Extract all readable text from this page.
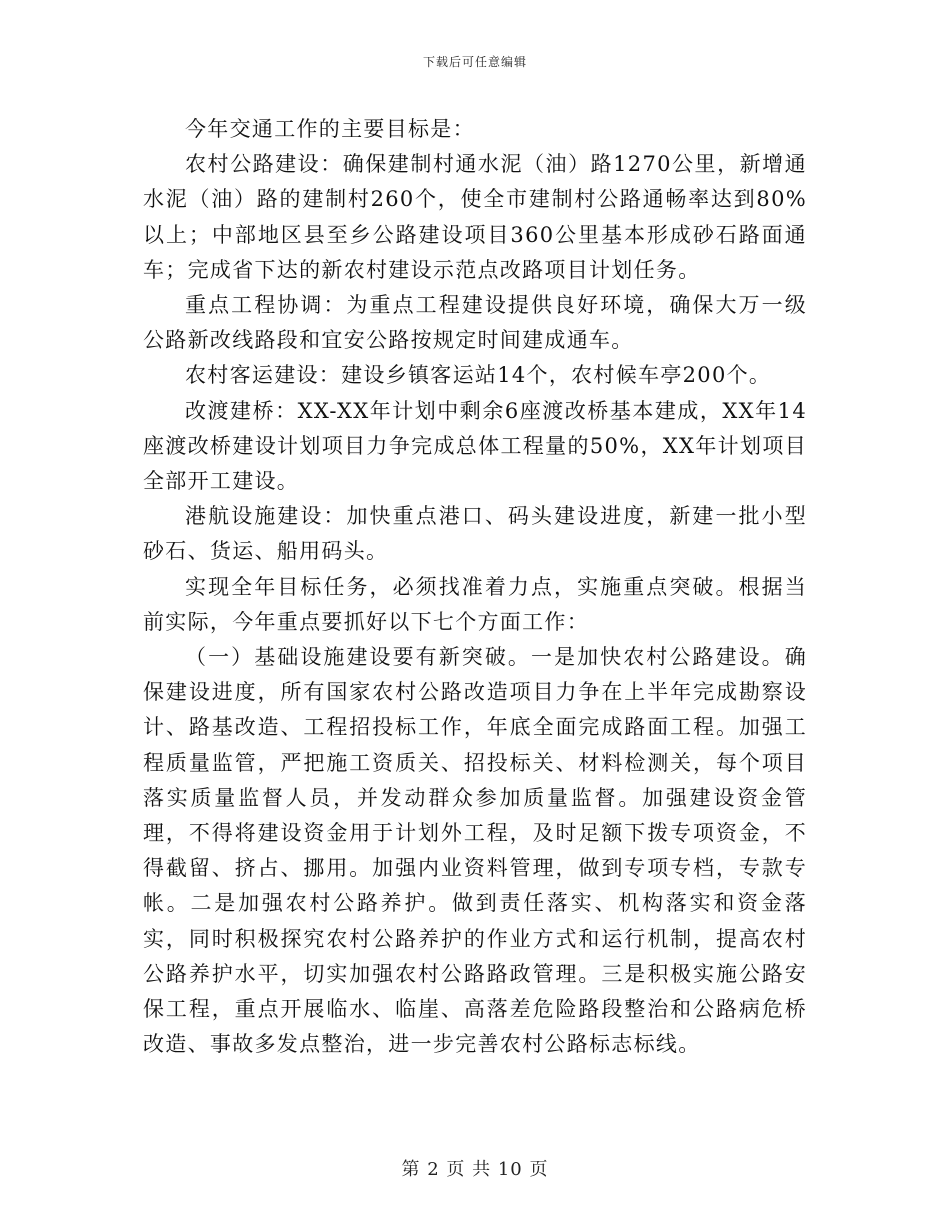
下载后可任意编辑

今年交通工作的主要目标是：

农村公路建设：确保建制村通水泥（油）路1270公里，新增通水泥（油）路的建制村260个，使全市建制村公路通畅率达到80%以上；中部地区县至乡公路建设项目360公里基本形成砂石路面通车；完成省下达的新农村建设示范点改路项目计划任务。

重点工程协调：为重点工程建设提供良好环境，确保大万一级公路新改线路段和宜安公路按规定时间建成通车。

农村客运建设：建设乡镇客运站14个，农村候车亭200个。

改渡建桥：XX-XX年计划中剩余6座渡改桥基本建成，XX年14座渡改桥建设计划项目力争完成总体工程量的50%，XX年计划项目全部开工建设。

港航设施建设：加快重点港口、码头建设进度，新建一批小型砂石、货运、船用码头。

实现全年目标任务，必须找准着力点，实施重点突破。根据当前实际，今年重点要抓好以下七个方面工作：

（一）基础设施建设要有新突破。一是加快农村公路建设。确保建设进度，所有国家农村公路改造项目力争在上半年完成勘察设计、路基改造、工程招投标工作，年底全面完成路面工程。加强工程质量监管，严把施工资质关、招投标关、材料检测关，每个项目落实质量监督人员，并发动群众参加质量监督。加强建设资金管理，不得将建设资金用于计划外工程，及时足额下拨专项资金，不得截留、挤占、挪用。加强内业资料管理，做到专项专档，专款专帐。二是加强农村公路养护。做到责任落实、机构落实和资金落实，同时积极探究农村公路养护的作业方式和运行机制，提高农村公路养护水平，切实加强农村公路路政管理。三是积极实施公路安保工程，重点开展临水、临崖、高落差危险路段整治和公路病危桥改造、事故多发点整治，进一步完善农村公路标志标线。

第 2 页 共 10 页
